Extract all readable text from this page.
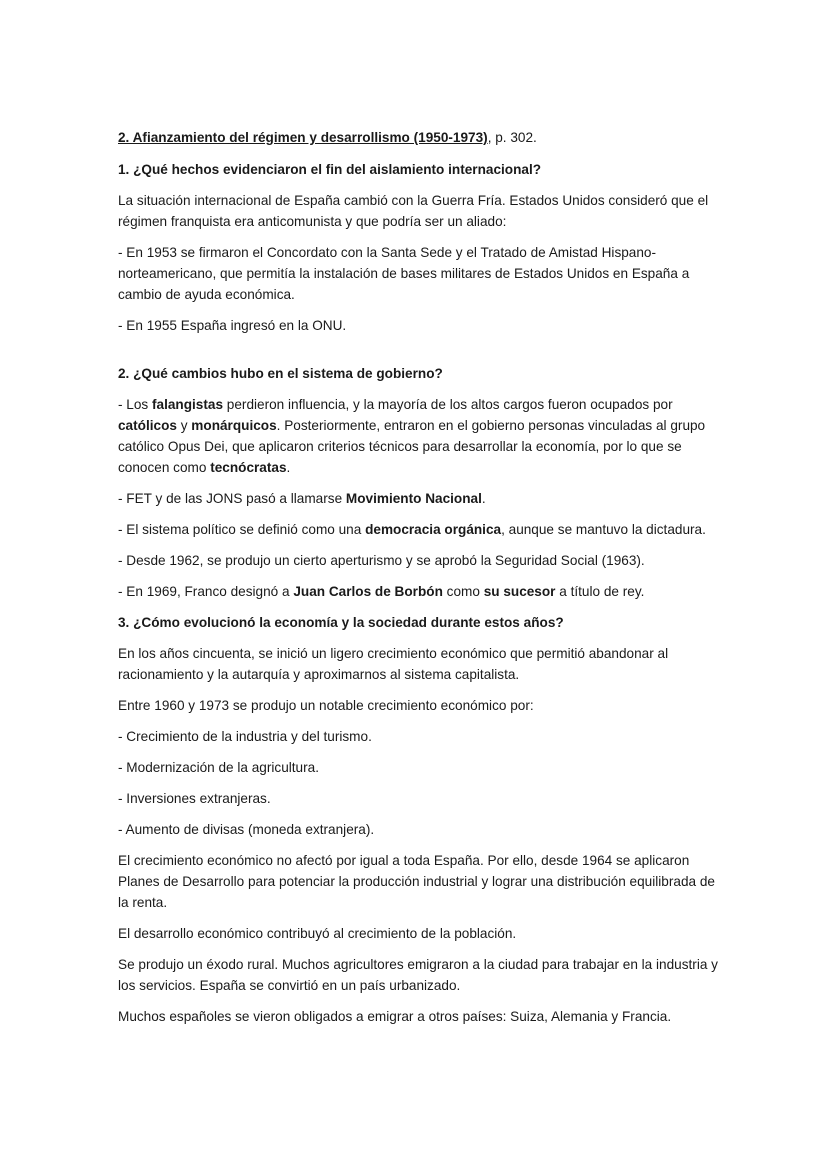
2. Afianzamiento del régimen y desarrollismo (1950-1973), p. 302.

1. ¿Qué hechos evidenciaron el fin del aislamiento internacional?

La situación internacional de España cambió con la Guerra Fría. Estados Unidos consideró que el régimen franquista era anticomunista y que podría ser un aliado:

- En 1953 se firmaron el Concordato con la Santa Sede y el Tratado de Amistad Hispano-norteamericano, que permitía la instalación de bases militares de Estados Unidos en España a cambio de ayuda económica.

- En 1955 España ingresó en la ONU.

2. ¿Qué cambios hubo en el sistema de gobierno?

- Los falangistas perdieron influencia, y la mayoría de los altos cargos fueron ocupados por católicos y monárquicos. Posteriormente, entraron en el gobierno personas vinculadas al grupo católico Opus Dei, que aplicaron criterios técnicos para desarrollar la economía, por lo que se conocen como tecnócratas.

- FET y de las JONS pasó a llamarse Movimiento Nacional.

- El sistema político se definió como una democracia orgánica, aunque se mantuvo la dictadura.

- Desde 1962, se produjo un cierto aperturismo y se aprobó la Seguridad Social (1963).

- En 1969, Franco designó a Juan Carlos de Borbón como su sucesor a título de rey.

3. ¿Cómo evolucionó la economía y la sociedad durante estos años?

En los años cincuenta, se inició un ligero crecimiento económico que permitió abandonar al racionamiento y la autarquía y aproximarnos al sistema capitalista.

Entre 1960 y 1973 se produjo un notable crecimiento económico por:

- Crecimiento de la industria y del turismo.

- Modernización de la agricultura.

- Inversiones extranjeras.

- Aumento de divisas (moneda extranjera).

El crecimiento económico no afectó por igual a toda España. Por ello, desde 1964 se aplicaron Planes de Desarrollo para potenciar la producción industrial y lograr una distribución equilibrada de la renta.

El desarrollo económico contribuyó al crecimiento de la población.

Se produjo un éxodo rural. Muchos agricultores emigraron a la ciudad para trabajar en la industria y los servicios. España se convirtió en un país urbanizado.

Muchos españoles se vieron obligados a emigrar a otros países: Suiza, Alemania y Francia.
